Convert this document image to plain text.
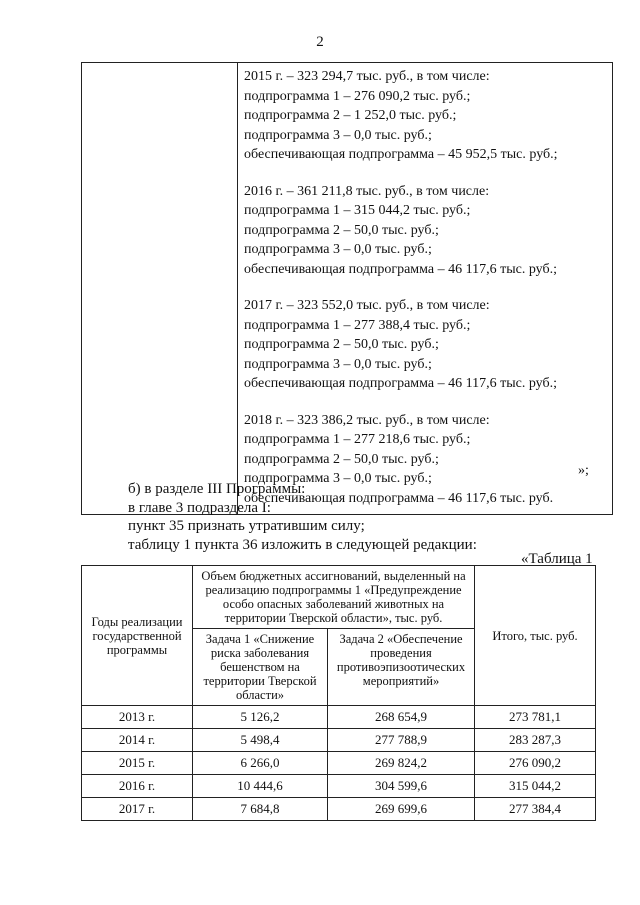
2

2015 г. – 323 294,7 тыс. руб., в том числе:
подпрограмма 1 – 276 090,2 тыс. руб.;
подпрограмма 2 – 1 252,0 тыс. руб.;
подпрограмма 3 – 0,0 тыс. руб.;
обеспечивающая подпрограмма – 45 952,5 тыс. руб.;
2016 г. – 361 211,8 тыс. руб., в том числе:
подпрограмма 1 – 315 044,2 тыс. руб.;
подпрограмма 2 – 50,0 тыс. руб.;
подпрограмма 3 – 0,0 тыс. руб.;
обеспечивающая подпрограмма – 46 117,6 тыс. руб.;
2017 г. – 323 552,0 тыс. руб., в том числе:
подпрограмма 1 – 277 388,4 тыс. руб.;
подпрограмма 2 – 50,0 тыс. руб.;
подпрограмма 3 – 0,0 тыс. руб.;
обеспечивающая подпрограмма – 46 117,6 тыс. руб.;
2018 г. – 323 386,2 тыс. руб., в том числе:
подпрограмма 1 – 277 218,6 тыс. руб.;
подпрограмма 2 – 50,0 тыс. руб.;
подпрограмма 3 – 0,0 тыс. руб.;
обеспечивающая подпрограмма – 46 117,6 тыс. руб.
»;
б) в разделе III Программы:
в главе 3 подраздела I:
пункт 35 признать утратившим силу;
таблицу 1 пункта 36 изложить в следующей редакции:
«Таблица 1
Годы реализации государственной программы	Объем бюджетных ассигнований, выделенный на реализацию подпрограммы 1 «Предупреждение особо опасных заболеваний животных на территории Тверской области», тыс. руб.		Итого, тыс. руб.
	Задача 1 «Снижение риска заболевания бешенством на территории Тверской области»	Задача 2 «Обеспечение проведения противоэпизоотических мероприятий»	
2013 г.	5 126,2	268 654,9	273 781,1
2014 г.	5 498,4	277 788,9	283 287,3
2015 г.	6 266,0	269 824,2	276 090,2
2016 г.	10 444,6	304 599,6	315 044,2
2017 г.	7 684,8	269 699,6	277 384,4
